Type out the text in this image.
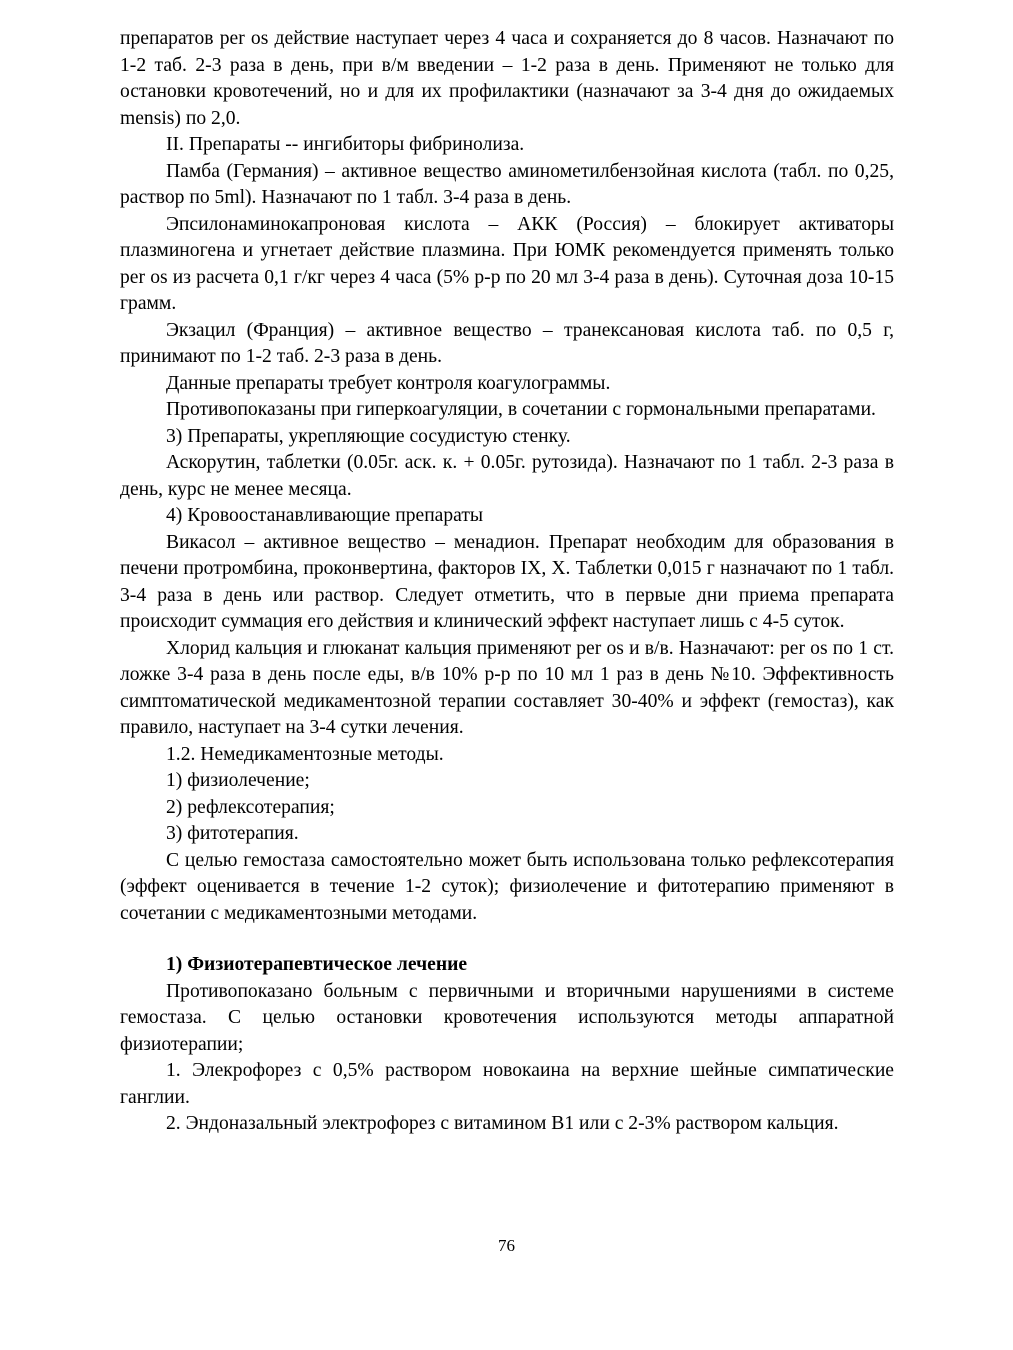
препаратов per os действие наступает через 4 часа и сохраняется до 8 часов. Назначают по 1-2 таб. 2-3 раза в день, при в/м введении – 1-2 раза в день. Применяют не только для остановки кровотечений, но и для их профилактики (назначают за 3-4 дня до ожидаемых mensis) по 2,0.

II. Препараты -- ингибиторы фибринолиза.

Памба (Германия) – активное вещество аминометилбензойная кислота (табл. по 0,25, раствор по 5ml). Назначают по 1 табл. 3-4 раза в день.

Эпсилонаминокапроновая кислота – АКК (Россия) – блокирует активаторы плазминогена и угнетает действие плазмина. При ЮМК рекомендуется применять только per os из расчета 0,1 г/кг через 4 часа (5% р-р по 20 мл 3-4 раза в день). Суточная доза 10-15 грамм.

Экзацил (Франция) – активное вещество – транексановая кислота таб. по 0,5 г, принимают по 1-2 таб. 2-3 раза в день.

Данные препараты требует контроля коагулограммы.

Противопоказаны при гиперкоагуляции, в сочетании с гормональными препаратами.

3) Препараты, укрепляющие сосудистую стенку.

Аскорутин, таблетки (0.05г. аск. к. + 0.05г. рутозида). Назначают по 1 табл. 2-3 раза в день, курс не менее месяца.

4) Кровоостанавливающие препараты

Викасол – активное вещество – менадион. Препарат необходим для образования в печени протромбина, проконвертина, факторов IX, X. Таблетки 0,015 г назначают по 1 табл. 3-4 раза в день или раствор. Следует отметить, что в первые дни приема препарата происходит суммация его действия и клинический эффект наступает лишь с 4-5 суток.

Хлорид кальция и глюканат кальция применяют per os и в/в. Назначают: per os по 1 ст. ложке 3-4 раза в день после еды, в/в 10% р-р по 10 мл 1 раз в день №10. Эффективность симптоматической медикаментозной терапии составляет 30-40% и эффект (гемостаз), как правило, наступает на 3-4 сутки лечения.

1.2. Немедикаментозные методы.

1) физиолечение;

2) рефлексотерапия;

3) фитотерапия.

С целью гемостаза самостоятельно может быть использована только рефлексотерапия (эффект оценивается в течение 1-2 суток); физиолечение и фитотерапию применяют в сочетании с медикаментозными методами.

1) Физиотерапевтическое лечение

Противопоказано больным с первичными и вторичными нарушениями в системе гемостаза. С целью остановки кровотечения используются методы аппаратной физиотерапии;

1. Элекрофорез с 0,5% раствором новокаина на верхние шейные симпатические ганглии.

2. Эндоназальный электрофорез с витамином B1 или с 2-3% раствором кальция.

76
